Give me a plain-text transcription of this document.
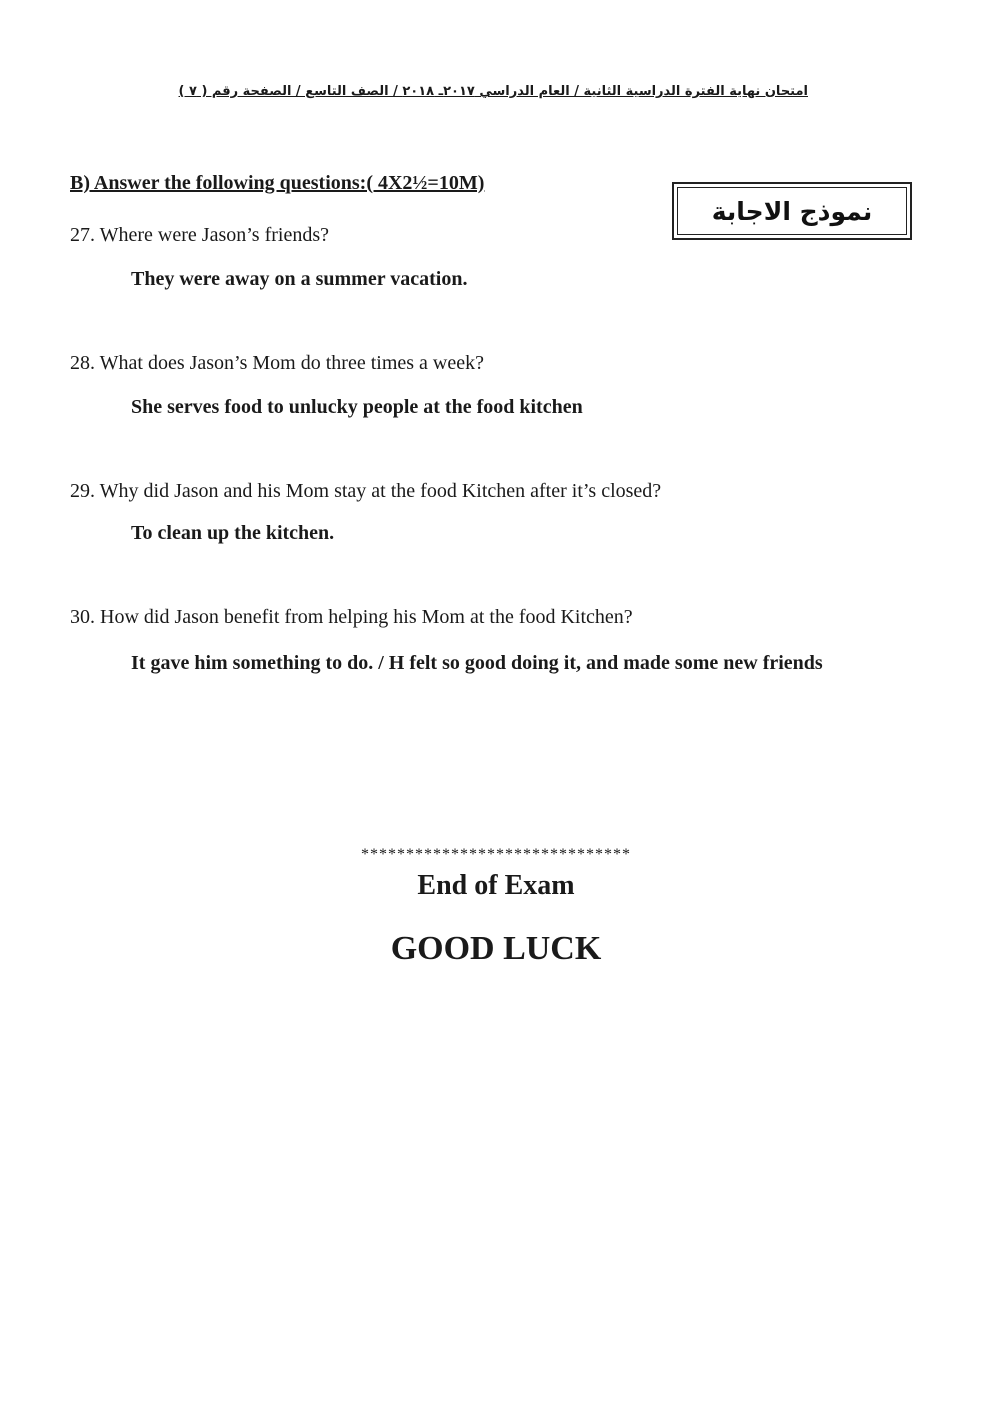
امتحان نهاية الفترة الدراسية الثانية / العام الدراسي ٢٠١٧ـ ٢٠١٨ / الصف التاسع / الصفحة رقم ( ٧ )
B) Answer the following questions:( 4X2½=10M)
نموذج الاجابة
27. Where were Jason’s friends?
They were away on a summer vacation.
28. What does Jason’s Mom do three times a week?
She serves food to unlucky people at the food kitchen
29. Why did Jason and his Mom stay at the food Kitchen after it’s closed?
To clean up the kitchen.
30. How did Jason benefit from helping his Mom at the food Kitchen?
It gave him something to do. / H felt so good doing it, and made some new friends
******************************
End of Exam
GOOD LUCK
